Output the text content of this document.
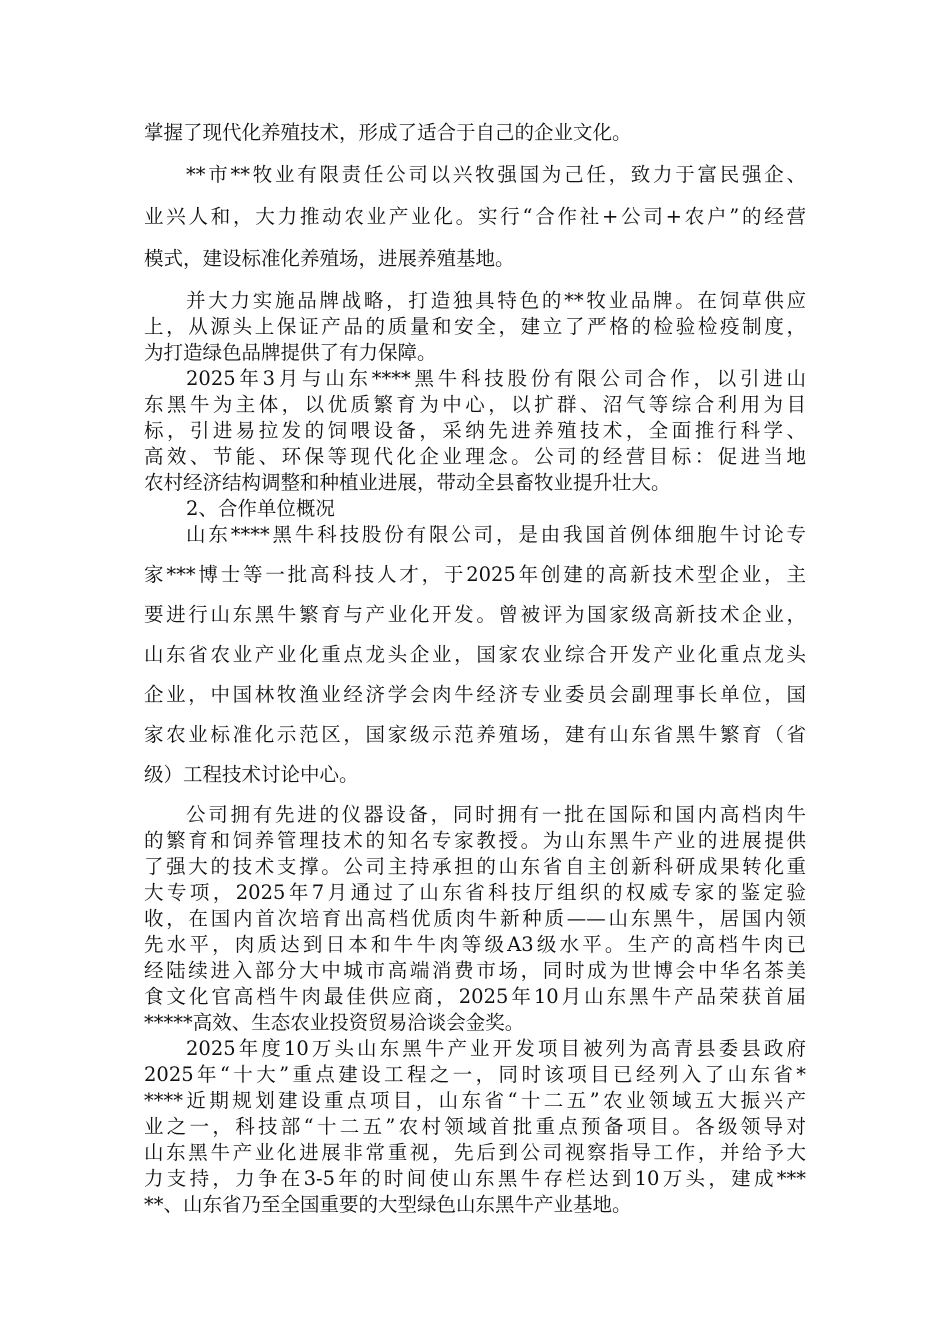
掌握了现代化养殖技术，形成了适合于自己的企业文化。
**市**牧业有限责任公司以兴牧强国为己任，致力于富民强企、
业兴人和，大力推动农业产业化。实行“合作社+公司+农户”的经营
模式，建设标准化养殖场，进展养殖基地。
并大力实施品牌战略，打造独具特色的**牧业品牌。在饲草供应
上，从源头上保证产品的质量和安全，建立了严格的检验检疫制度，
为打造绿色品牌提供了有力保障。
2025年3月与山东****黑牛科技股份有限公司合作，以引进山
东黑牛为主体，以优质繁育为中心，以扩群、沼气等综合利用为目
标，引进易拉发的饲喂设备，采纳先进养殖技术，全面推行科学、
高效、节能、环保等现代化企业理念。公司的经营目标：促进当地
农村经济结构调整和种植业进展，带动全县畜牧业提升壮大。
2、合作单位概况
山东****黑牛科技股份有限公司，是由我国首例体细胞牛讨论专
家***博士等一批高科技人才，于2025年创建的高新技术型企业，主
要进行山东黑牛繁育与产业化开发。曾被评为国家级高新技术企业，
山东省农业产业化重点龙头企业，国家农业综合开发产业化重点龙头
企业，中国林牧渔业经济学会肉牛经济专业委员会副理事长单位，国
家农业标准化示范区，国家级示范养殖场，建有山东省黑牛繁育（省
级）工程技术讨论中心。
公司拥有先进的仪器设备，同时拥有一批在国际和国内高档肉牛
的繁育和饲养管理技术的知名专家教授。为山东黑牛产业的进展提供
了强大的技术支撑。公司主持承担的山东省自主创新科研成果转化重
大专项，2025年7月通过了山东省科技厅组织的权威专家的鉴定验
收，在国内首次培育出高档优质肉牛新种质——山东黑牛，居国内领
先水平，肉质达到日本和牛牛肉等级A3级水平。生产的高档牛肉已
经陆续进入部分大中城市高端消费市场，同时成为世博会中华名茶美
食文化官高档牛肉最佳供应商，2025年10月山东黑牛产品荣获首届
*****高效、生态农业投资贸易洽谈会金奖。
2025年度10万头山东黑牛产业开发项目被列为高青县委县政府
2025年“十大”重点建设工程之一，同时该项目已经列入了山东省*
****近期规划建设重点项目，山东省“十二五”农业领域五大振兴产
业之一，科技部“十二五”农村领域首批重点预备项目。各级领导对
山东黑牛产业化进展非常重视，先后到公司视察指导工作，并给予大
力支持，力争在3-5年的时间使山东黑牛存栏达到10万头，建成***
**、山东省乃至全国重要的大型绿色山东黑牛产业基地。
